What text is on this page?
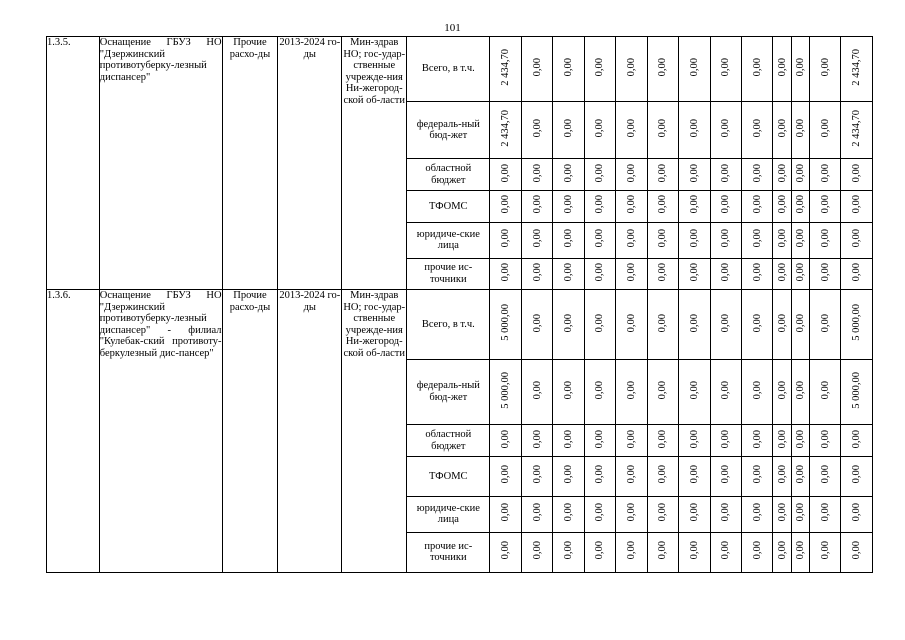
101
1.3.5.	Оснащение ГБУЗ НО "Дзержинский противотуберку-лезный диспансер"	Прочие расхо-ды	2013-2024 го-ды	Мин-здрав НО; гос-удар-ственные учрежде-ния Ни-жегород-ской об-ласти	Всего, в т.ч.	2 434,70	0,00	0,00	0,00	0,00	0,00	0,00	0,00	0,00	0,00	0,00	0,00	2 434,70
					федераль-ный бюд-жет	2 434,70	0,00	0,00	0,00	0,00	0,00	0,00	0,00	0,00	0,00	0,00	0,00	2 434,70
					областной бюджет	0,00	0,00	0,00	0,00	0,00	0,00	0,00	0,00	0,00	0,00	0,00	0,00	0,00
					ТФОМС	0,00	0,00	0,00	0,00	0,00	0,00	0,00	0,00	0,00	0,00	0,00	0,00	0,00
					юридиче-ские лица	0,00	0,00	0,00	0,00	0,00	0,00	0,00	0,00	0,00	0,00	0,00	0,00	0,00
					прочие ис-точники	0,00	0,00	0,00	0,00	0,00	0,00	0,00	0,00	0,00	0,00	0,00	0,00	0,00
1.3.6.	Оснащение ГБУЗ НО "Дзержинский противотуберку-лезный диспансер" - филиал "Кулебак-ский противоту-беркулезный дис-пансер"	Прочие расхо-ды	2013-2024 го-ды	Мин-здрав НО; гос-удар-ственные учрежде-ния Ни-жегород-ской об-ласти	Всего, в т.ч.	5 000,00	0,00	0,00	0,00	0,00	0,00	0,00	0,00	0,00	0,00	0,00	0,00	5 000,00
					федераль-ный бюд-жет	5 000,00	0,00	0,00	0,00	0,00	0,00	0,00	0,00	0,00	0,00	0,00	0,00	5 000,00
					областной бюджет	0,00	0,00	0,00	0,00	0,00	0,00	0,00	0,00	0,00	0,00	0,00	0,00	0,00
					ТФОМС	0,00	0,00	0,00	0,00	0,00	0,00	0,00	0,00	0,00	0,00	0,00	0,00	0,00
					юридиче-ские лица	0,00	0,00	0,00	0,00	0,00	0,00	0,00	0,00	0,00	0,00	0,00	0,00	0,00
					прочие ис-точники	0,00	0,00	0,00	0,00	0,00	0,00	0,00	0,00	0,00	0,00	0,00	0,00	0,00
